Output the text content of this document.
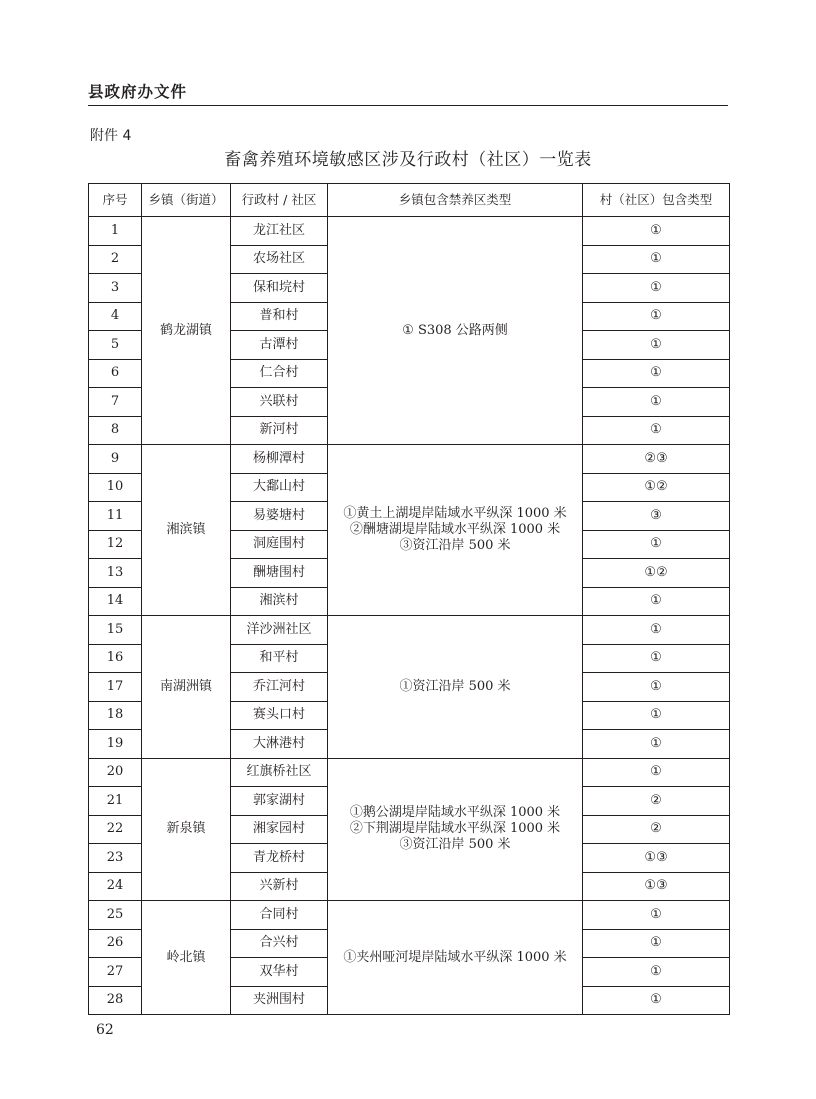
县政府办文件
附件 4
畜禽养殖环境敏感区涉及行政村（社区）一览表
序号	乡镇（街道）	行政村 / 社区	乡镇包含禁养区类型	村（社区）包含类型
1	鹤龙湖镇	龙江社区	① S308 公路两侧	①
2		农场社区		①
3		保和垸村		①
4		普和村		①
5		古潭村		①
6		仁合村		①
7		兴联村		①
8		新河村		①
9	湘滨镇	杨柳潭村	①黄土上湖堤岸陆域水平纵深 1000 米
②酬塘湖堤岸陆域水平纵深 1000 米
③资江沿岸 500 米	②③
10		大鄱山村		①②
11		易婆塘村		③
12		洞庭围村		①
13		酬塘围村		①②
14		湘滨村		①
15	南湖洲镇	洋沙洲社区	①资江沿岸 500 米	①
16		和平村		①
17		乔江河村		①
18		赛头口村		①
19		大淋港村		①
20	新泉镇	红旗桥社区	①鹅公湖堤岸陆域水平纵深 1000 米
②下荆湖堤岸陆域水平纵深 1000 米
③资江沿岸 500 米	①
21		郭家湖村		②
22		湘家园村		②
23		青龙桥村		①③
24		兴新村		①③
25	岭北镇	合同村	①夹州哑河堤岸陆域水平纵深 1000 米	①
26		合兴村		①
27		双华村		①
28		夹洲围村		①
62
